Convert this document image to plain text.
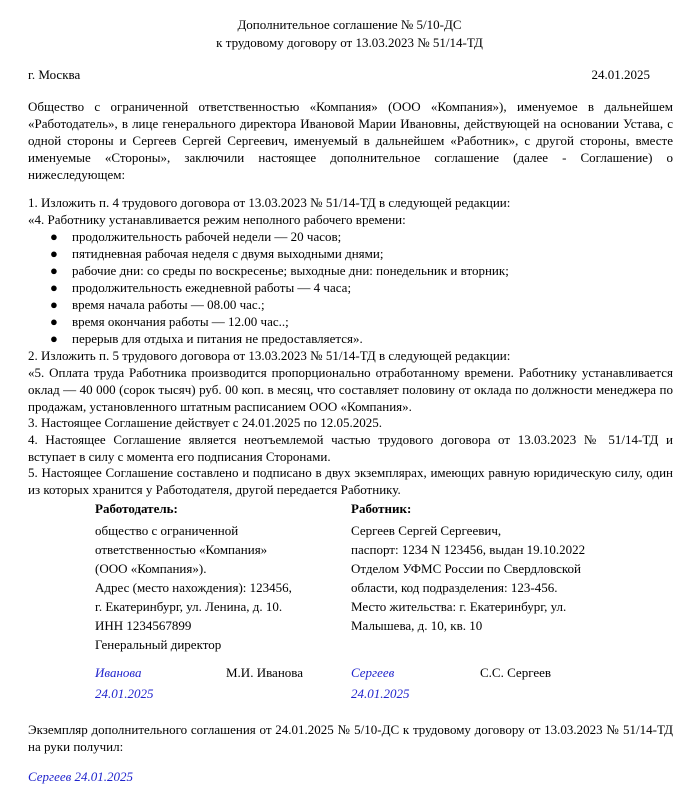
Дополнительное соглашение № 5/10-ДС
к трудовому договору от 13.03.2023 № 51/14-ТД
г. Москва	24.01.2025
Общество с ограниченной ответственностью «Компания» (ООО «Компания»), именуемое в дальнейшем
«Работодатель», в лице генерального директора Ивановой Марии Ивановны, действующей на основании Устава, с
одной стороны и Сергеев Сергей Сергеевич, именуемый в дальнейшем «Работник», с другой стороны, вместе
именуемые «Стороны», заключили настоящее дополнительное соглашение (далее - Соглашение) о
нижеследующем:
1. Изложить п. 4 трудового договора от 13.03.2023 № 51/14-ТД в следующей редакции:
«4. Работнику устанавливается режим неполного рабочего времени:
● продолжительность рабочей недели — 20 часов;
● пятидневная рабочая неделя с двумя выходными днями;
● рабочие дни: со среды по воскресенье; выходные дни: понедельник и вторник;
● продолжительность ежедневной работы — 4 часа;
● время начала работы — 08.00 час.;
● время окончания работы — 12.00 час..;
● перерыв для отдыха и питания не предоставляется».
2. Изложить п. 5 трудового договора от 13.03.2023 № 51/14-ТД в следующей редакции:
«5. Оплата труда Работника производится пропорционально отработанному времени. Работнику устанавливается
оклад — 40 000 (сорок тысяч) руб. 00 коп. в месяц, что составляет половину от оклада по должности менеджера по
продажам, установленного штатным расписанием ООО «Компания».
3. Настоящее Соглашение действует с 24.01.2025 по 12.05.2025.
4. Настоящее Соглашение является неотъемлемой частью трудового договора от 13.03.2023 № 51/14-ТД и
вступает в силу с момента его подписания Сторонами.
5. Настоящее Соглашение составлено и подписано в двух экземплярах, имеющих равную юридическую силу, один
из которых хранится у Работодателя, другой передается Работнику.
Работодатель:
общество с ограниченной
ответственностью «Компания»
(ООО «Компания»).
Адрес (место нахождения): 123456,
г. Екатеринбург, ул. Ленина, д. 10.
ИНН 1234567899
Генеральный директор
Иванова	М.И. Иванова
24.01.2025
Работник:
Сергеев Сергей Сергеевич,
паспорт: 1234 N 123456, выдан 19.10.2022
Отделом УФМС России по Свердловской
области, код подразделения: 123-456.
Место жительства: г. Екатеринбург, ул.
Малышева, д. 10, кв. 10
Сергеев	С.С. Сергеев
24.01.2025
Экземпляр дополнительного соглашения от 24.01.2025 № 5/10-ДС к трудовому договору от 13.03.2023 № 51/14-ТД
на руки получил:
Сергеев 24.01.2025
